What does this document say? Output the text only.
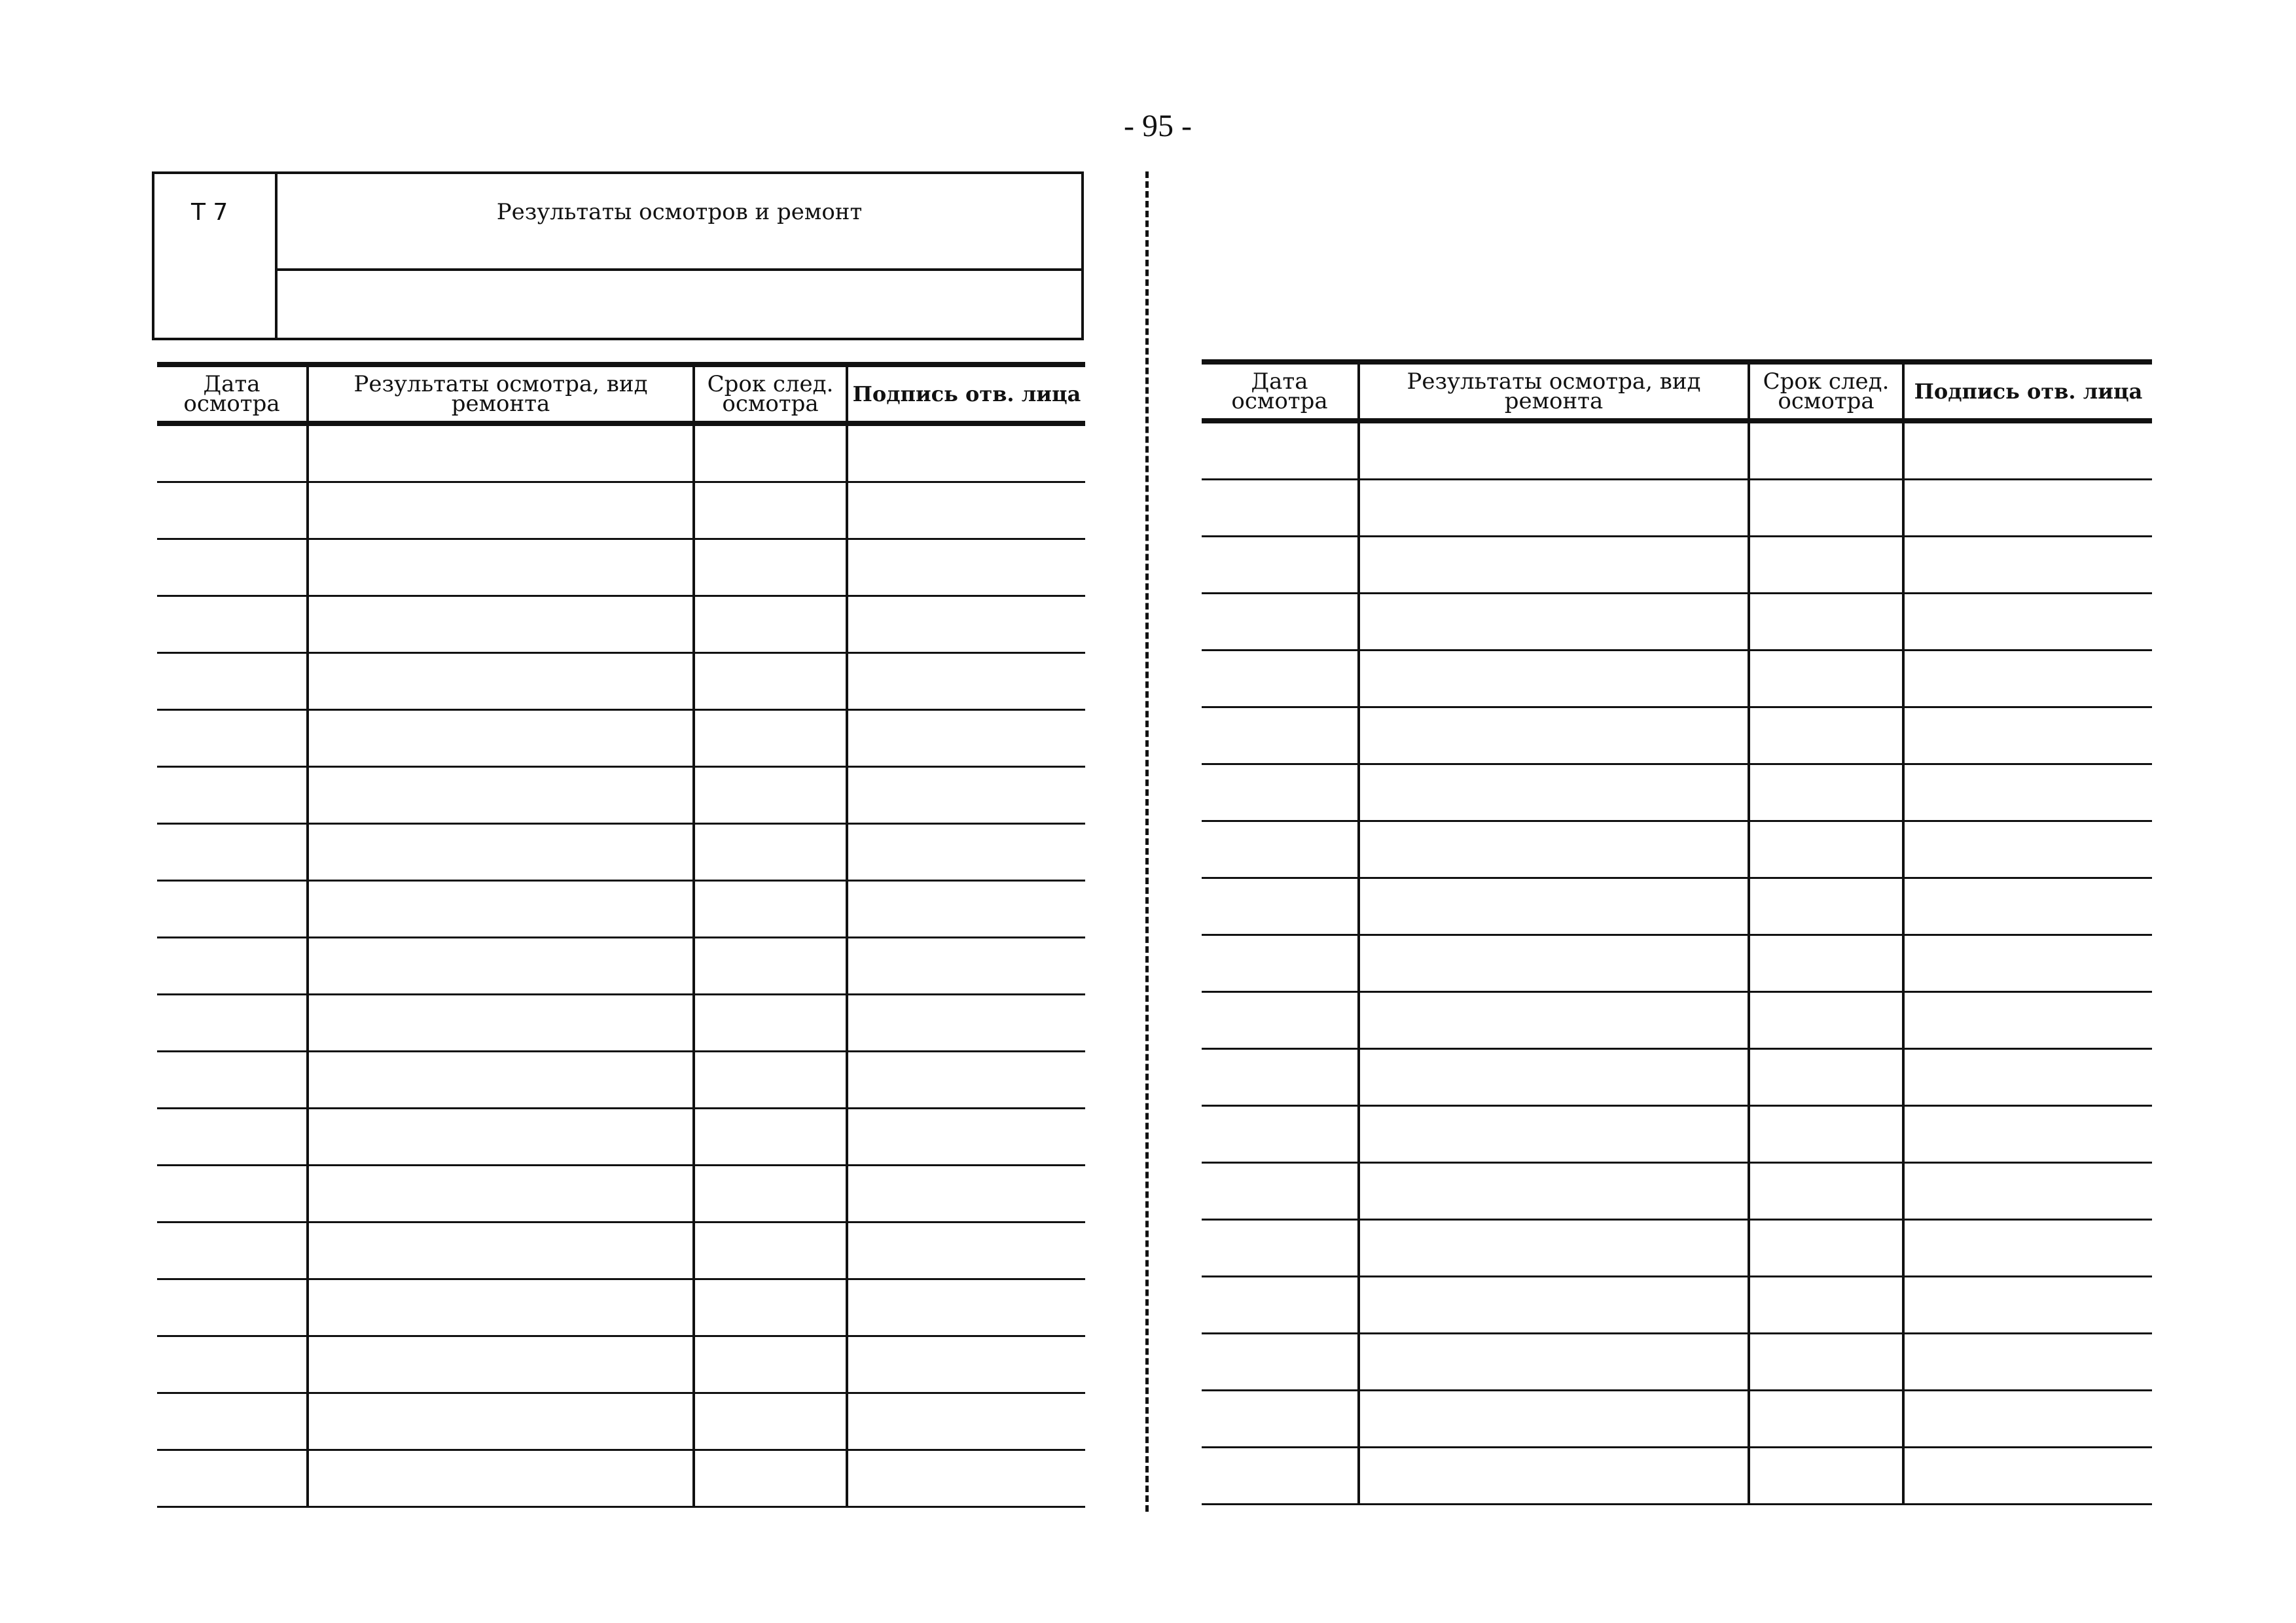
- 95 -
Т 7	Результаты осмотров и ремонт
Дата осмотра	Результаты осмотра, вид ремонта	Срок след. осмотра	Подпись отв. лица

				Дата осмотра	Результаты осмотра, вид ремонта	Срок след. осмотра	Подпись отв. лица
